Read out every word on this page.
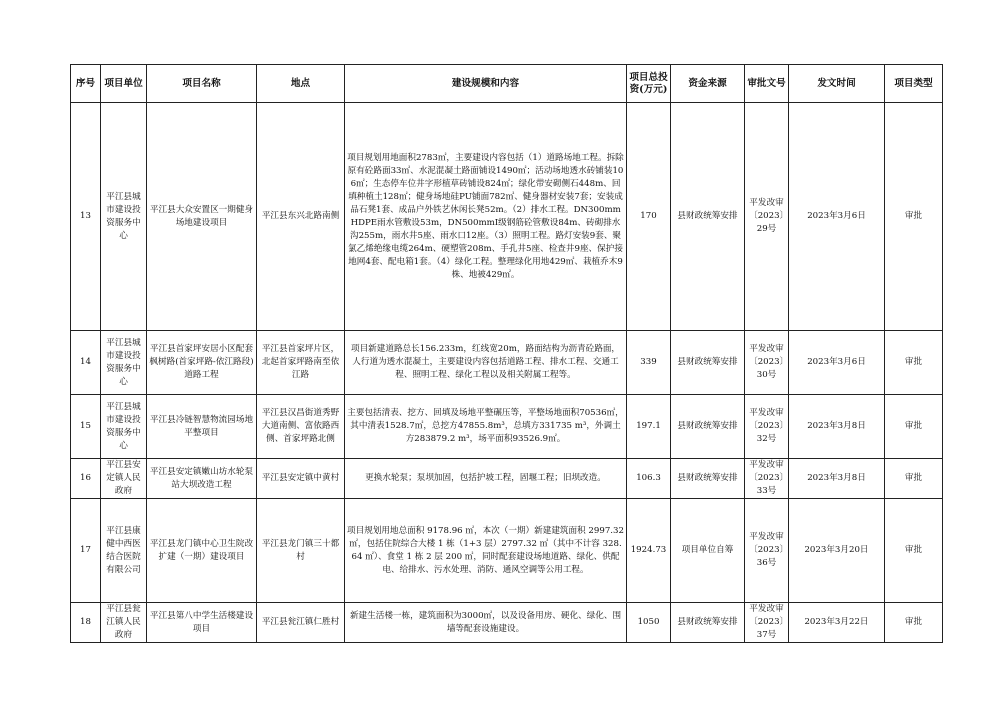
序号	项目单位	项目名称	地点	建设规模和内容	项目总投资(万元)	资金来源	审批文号	发文时间	项目类型
13	平江县城市建设投资服务中心	平江县大众安置区一期健身场地建设项目	平江县东兴北路南侧	项目规划用地面积2783㎡，主要建设内容包括（1）道路场地工程。拆除原有砼路面33㎡、水泥混凝土路面铺设1490㎡；活动场地透水砖铺装106㎡；生态停车位井字形植草砖铺设824㎡；绿化带安砌侧石448m、回填种植土128㎡；健身场地硅PU铺面782㎡、健身器材安装7套；安装成品石凳1套、成品户外铁艺休闲长凳52m。（2）排水工程。DN300mmHDPE雨水管敷设53m，DN500mmⅠ级钢筋砼管敷设84m、砖砌排水沟255m，雨水井5座、雨水口12座。（3）照明工程。路灯安装9套、聚氯乙烯绝缘电缆264m、硬塑管208m、手孔井5座、检查井9座、保护接地网4套、配电箱1套。（4）绿化工程。整理绿化用地429㎡、栽植乔木9株、地被429㎡。	170	县财政统筹安排	平发改审〔2023〕29号	2023年3月6日	审批
14	平江县城市建设投资服务中心	平江县首家坪安居小区配套枫树路(首家坪路-依江路段)道路工程	平江县首家坪片区，北起首家坪路南至依江路	项目新建道路总长156.233m，红线宽20m，路面结构为沥青砼路面，人行道为透水混凝土，主要建设内容包括道路工程、排水工程、交通工程、照明工程、绿化工程以及相关附属工程等。	339	县财政统筹安排	平发改审〔2023〕30号	2023年3月6日	审批
15	平江县城市建设投资服务中心	平江县冷链智慧物流园场地平整项目	平江县汉昌街道秀野大道南侧、富依路西侧、首家坪路北侧	主要包括清表、挖方、回填及场地平整碾压等，平整场地面积70536㎡，其中清表1528.7㎡，总挖方47855.8m³，总填方331735 m³，外调土方283879.2 m³，场平面积93526.9㎡。	197.1	县财政统筹安排	平发改审〔2023〕32号	2023年3月8日	审批
16	平江县安定镇人民政府	平江县安定镇嫩山坊水轮泵站大坝改造工程	平江县安定镇中黄村	更换水轮泵；泵坝加固，包括护坡工程，固堰工程；旧坝改造。	106.3	县财政统筹安排	平发改审〔2023〕33号	2023年3月8日	审批
17	平江县康健中西医结合医院有限公司	平江县龙门镇中心卫生院改扩建（一期）建设项目	平江县龙门镇三十都村	项目规划用地总面积 9178.96 ㎡，本次（一期）新建建筑面积 2997.32 ㎡，包括住院综合大楼 1 栋（1+3 层）2797.32 ㎡（其中不计容 328.64 ㎡）、食堂 1 栋 2 层 200 ㎡，同时配套建设场地道路、绿化、供配电、给排水、污水处理、消防、通风空调等公用工程。	1924.73	项目单位自筹	平发改审〔2023〕36号	2023年3月20日	审批
18	平江县瓮江镇人民政府	平江县第八中学生活楼建设项目	平江县瓮江镇仁胜村	新建生活楼一栋，建筑面积为3000㎡，以及设备用房、硬化、绿化、围墙等配套设施建设。	1050	县财政统筹安排	平发改审〔2023〕37号	2023年3月22日	审批
